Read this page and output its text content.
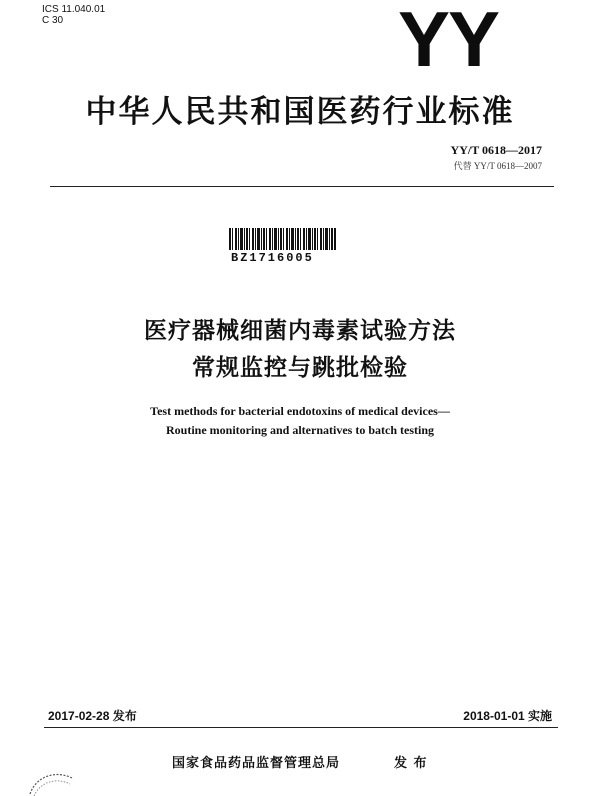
ICS 11.040.01
C 30	YY
中华人民共和国医药行业标准
YY/T 0618—2017
代替 YY/T 0618—2007
BZ1716005
医疗器械细菌内毒素试验方法
常规监控与跳批检验
Test methods for bacterial endotoxins of medical devices—
Routine monitoring and alternatives to batch testing
2017-02-28 发布	2018-01-01 实施
国家食品药品监督管理总局	发 布
